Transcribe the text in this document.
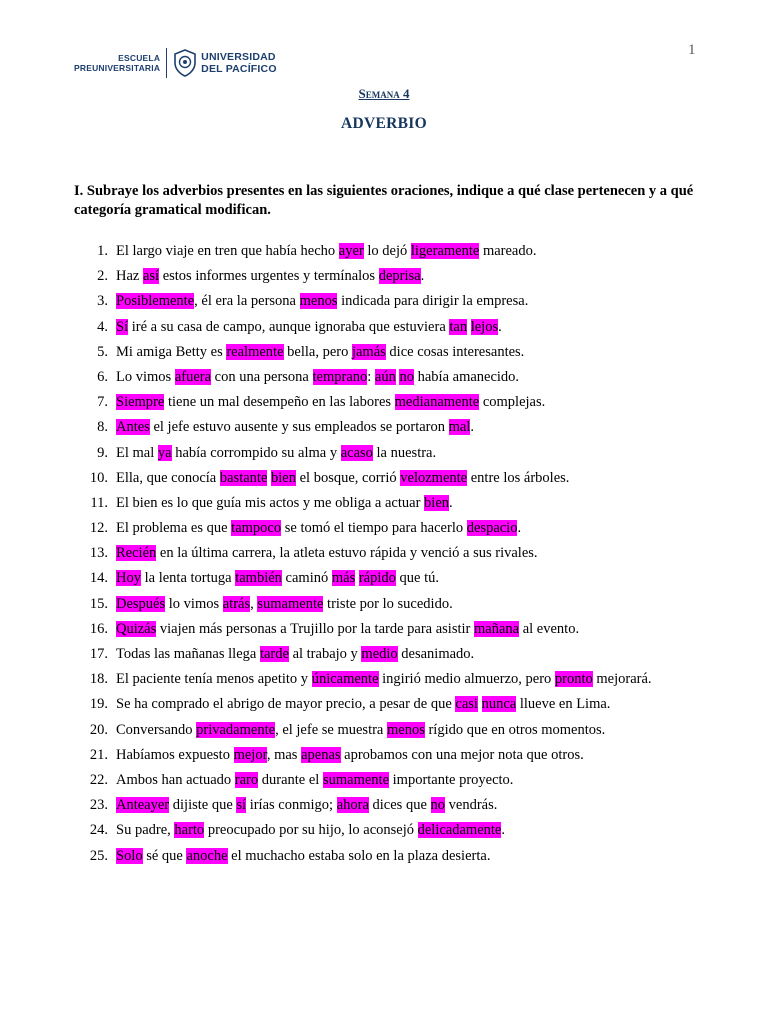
1
ESCUELA
PREUNIVERSITARIA
UNIVERSIDAD
DEL PACÍFICO
Semana 4
ADVERBIO
I. Subraye los adverbios presentes en las siguientes oraciones, indique a qué clase pertenecen y a qué categoría gramatical modifican.
1. El largo viaje en tren que había hecho ayer lo dejó ligeramente mareado.
2. Haz así estos informes urgentes y termínalos deprisa.
3. Posiblemente, él era la persona menos indicada para dirigir la empresa.
4. Sí iré a su casa de campo, aunque ignoraba que estuviera tan lejos.
5. Mi amiga Betty es realmente bella, pero jamás dice cosas interesantes.
6. Lo vimos afuera con una persona temprano: aún no había amanecido.
7. Siempre tiene un mal desempeño en las labores medianamente complejas.
8. Antes el jefe estuvo ausente y sus empleados se portaron mal.
9. El mal ya había corrompido su alma y acaso la nuestra.
10. Ella, que conocía bastante bien el bosque, corrió velozmente entre los árboles.
11. El bien es lo que guía mis actos y me obliga a actuar bien.
12. El problema es que tampoco se tomó el tiempo para hacerlo despacio.
13. Recién en la última carrera, la atleta estuvo rápida y venció a sus rivales.
14. Hoy la lenta tortuga también caminó más rápido que tú.
15. Después lo vimos atrás, sumamente triste por lo sucedido.
16. Quizás viajen más personas a Trujillo por la tarde para asistir mañana al evento.
17. Todas las mañanas llega tarde al trabajo y medio desanimado.
18. El paciente tenía menos apetito y únicamente ingirió medio almuerzo, pero pronto mejorará.
19. Se ha comprado el abrigo de mayor precio, a pesar de que casi nunca llueve en Lima.
20. Conversando privadamente, el jefe se muestra menos rígido que en otros momentos.
21. Habíamos expuesto mejor, mas apenas aprobamos con una mejor nota que otros.
22. Ambos han actuado raro durante el sumamente importante proyecto.
23. Anteayer dijiste que sí irías conmigo; ahora dices que no vendrás.
24. Su padre, harto preocupado por su hijo, lo aconsejó delicadamente.
25. Solo sé que anoche el muchacho estaba solo en la plaza desierta.
